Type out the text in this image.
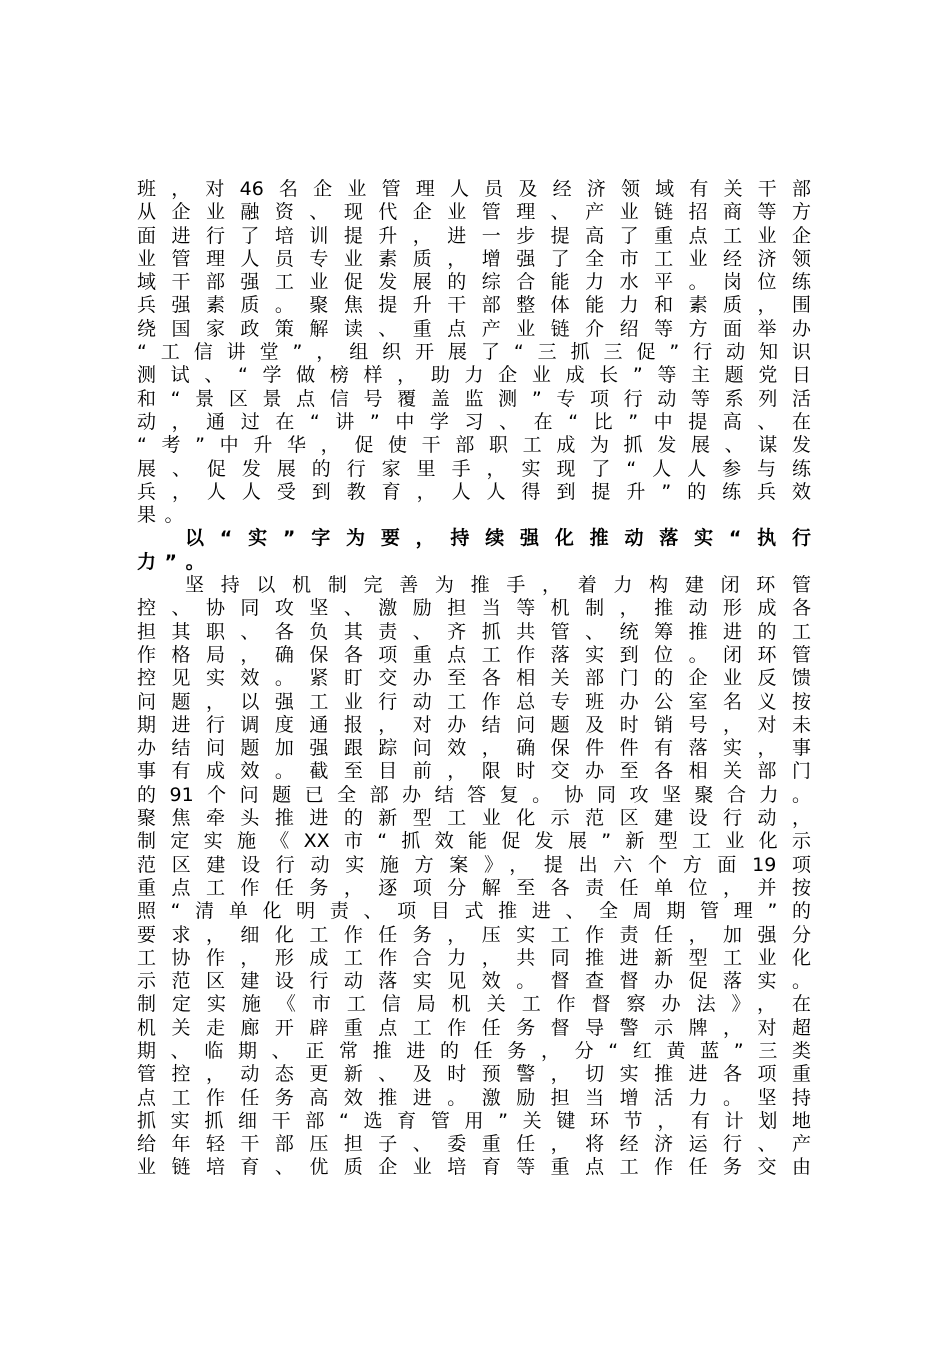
班，对46名企业管理人员及经济领域有关干部
从企业融资、现代企业管理、产业链招商等方
面进行了培训提升，进一步提高了重点工业企
业管理人员专业素质，增强了全市工业经济领
域干部强工业促发展的综合能力水平。岗位练
兵强素质。聚焦提升干部整体能力和素质，围
绕国家政策解读、重点产业链介绍等方面举办
“工信讲堂”，组织开展了“三抓三促”行动知识
测试、“学做榜样，助力企业成长”等主题党日
和“景区景点信号覆盖监测”专项行动等系列活
动，通过在“讲”中学习、在“比”中提高、在
“考”中升华，促使干部职工成为抓发展、谋发
展、促发展的行家里手，实现了“人人参与练
兵，人人受到教育，人人得到提升”的练兵效
果。
以“实”字为要，持续强化推动落实“执行
力”。
坚持以机制完善为推手，着力构建闭环管
控、协同攻坚、激励担当等机制，推动形成各
担其职、各负其责、齐抓共管、统筹推进的工
作格局，确保各项重点工作落实到位。闭环管
控见实效。紧盯交办至各相关部门的企业反馈
问题，以强工业行动工作总专班办公室名义按
期进行调度通报，对办结问题及时销号，对未
办结问题加强跟踪问效，确保件件有落实，事
事有成效。截至目前，限时交办至各相关部门
的91个问题已全部办结答复。协同攻坚聚合力。
聚焦牵头推进的新型工业化示范区建设行动，
制定实施《XX市“抓效能促发展”新型工业化示
范区建设行动实施方案》，提出六个方面19项
重点工作任务，逐项分解至各责任单位，并按
照“清单化明责、项目式推进、全周期管理”的
要求，细化工作任务，压实工作责任，加强分
工协作，形成工作合力，共同推进新型工业化
示范区建设行动落实见效。督查督办促落实。
制定实施《市工信局机关工作督察办法》，在
机关走廊开辟重点工作任务督导警示牌，对超
期、临期、正常推进的任务，分“红黄蓝”三类
管控，动态更新、及时预警，切实推进各项重
点工作任务高效推进。激励担当增活力。坚持
抓实抓细干部“选育管用”关键环节，有计划地
给年轻干部压担子、委重任，将经济运行、产
业链培育、优质企业培育等重点工作任务交由
